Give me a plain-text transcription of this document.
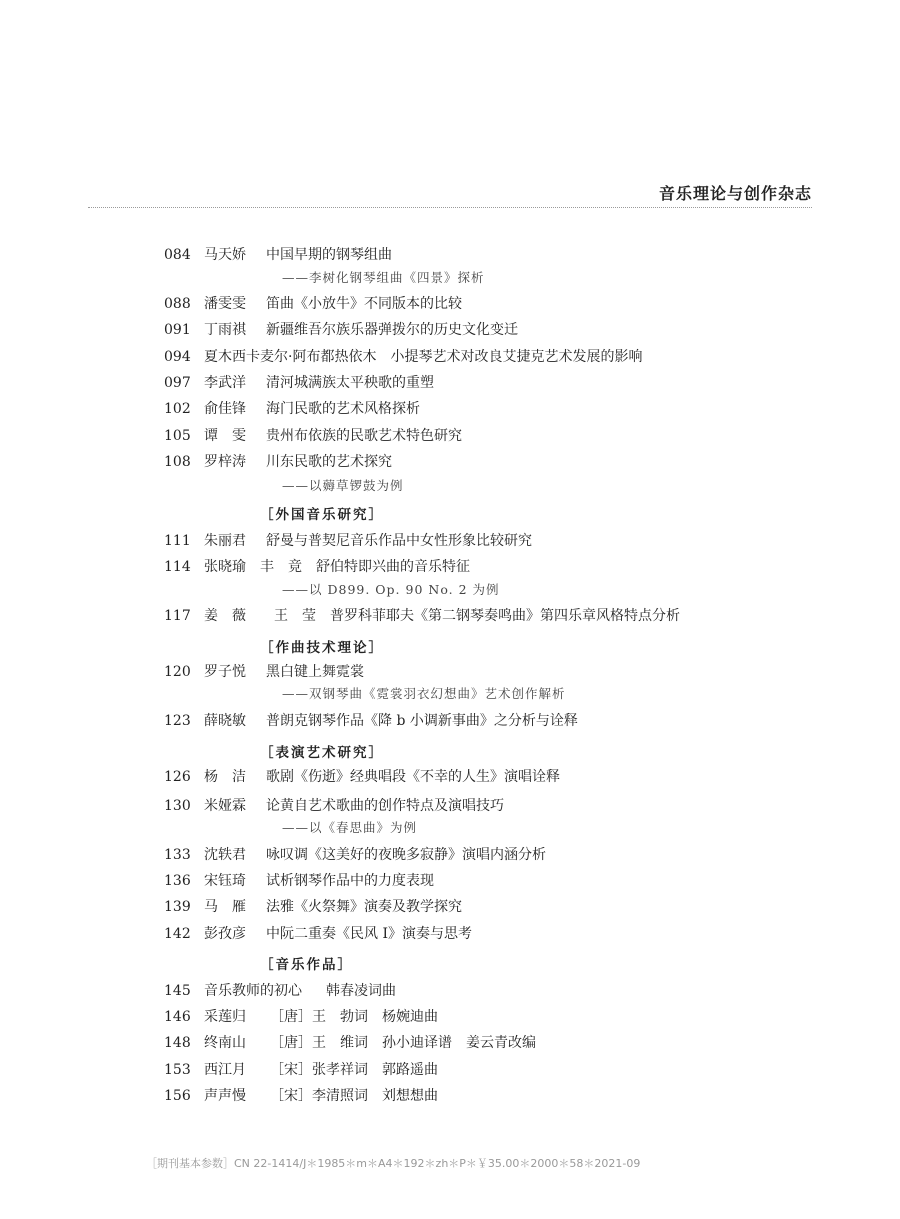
音乐理论与创作杂志
084 马天娇 中国早期的钢琴组曲
——李树化钢琴组曲《四景》探析
088 潘雯雯 笛曲《小放牛》不同版本的比较
091 丁雨祺 新疆维吾尔族乐器弹拨尔的历史文化变迁
094 夏木西卡麦尔·阿布都热依木 小提琴艺术对改良艾捷克艺术发展的影响
097 李武洋 清河城满族太平秧歌的重塑
102 俞佳锋 海门民歌的艺术风格探析
105 谭　雯 贵州布依族的民歌艺术特色研究
108 罗梓涛 川东民歌的艺术探究
——以薅草锣鼓为例
［外国音乐研究］
111 朱丽君 舒曼与普契尼音乐作品中女性形象比较研究
114 张晓瑜　丰　竞 舒伯特即兴曲的音乐特征
——以 D899. Op. 90 No. 2 为例
117 姜　薇　　王　莹 普罗科菲耶夫《第二钢琴奏鸣曲》第四乐章风格特点分析
［作曲技术理论］
120 罗子悦 黑白键上舞霓裳
——双钢琴曲《霓裳羽衣幻想曲》艺术创作解析
123 薛晓敏 普朗克钢琴作品《降 b 小调新事曲》之分析与诠释
［表演艺术研究］
126 杨　洁 歌剧《伤逝》经典唱段《不幸的人生》演唱诠释
130 米娅霖 论黄自艺术歌曲的创作特点及演唱技巧
——以《春思曲》为例
133 沈轶君 咏叹调《这美好的夜晚多寂静》演唱内涵分析
136 宋钰琦 试析钢琴作品中的力度表现
139 马　雁 法雅《火祭舞》演奏及教学探究
142 彭孜彦 中阮二重奏《民风 I》演奏与思考
［音乐作品］
145 音乐教师的初心 韩春凌词曲
146 采莲归 ［唐］王　勃词　杨婉迪曲
148 终南山 ［唐］王　维词　孙小迪译谱　姜云青改编
153 西江月 ［宋］张孝祥词　郭路遥曲
156 声声慢 ［宋］李清照词　刘想想曲
［期刊基本参数］CN 22-1414/J＊1985＊m＊A4＊192＊zh＊P＊￥35.00＊2000＊58＊2021-09
